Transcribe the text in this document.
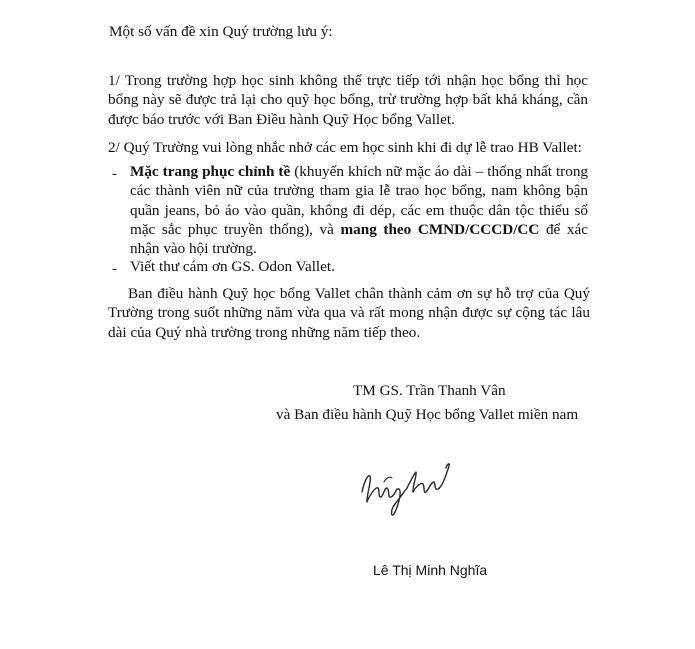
Một số vấn đề xin Quý trường lưu ý:
1/ Trong trường hợp học sinh không thể trực tiếp tới nhận học bổng thì học bổng này sẽ được trả lại cho quỹ học bổng, trừ trường hợp bất khả kháng, cần được báo trước với Ban Điều hành Quỹ Học bổng Vallet.
2/ Quý Trường vui lòng nhắc nhở các em học sinh khi đi dự lễ trao HB Vallet:
- Mặc trang phục chỉnh tề (khuyến khích nữ mặc áo dài – thống nhất trong các thành viên nữ của trường tham gia lễ trao học bổng, nam không bận quần jeans, bỏ áo vào quần, không đi dép, các em thuộc dân tộc thiểu số mặc sắc phục truyền thống), và mang theo CMND/CCCD/CC để xác nhận vào hội trường.
- Viết thư cám ơn GS. Odon Vallet.
Ban điều hành Quỹ học bổng Vallet chân thành cảm ơn sự hỗ trợ của Quý Trường trong suốt những năm vừa qua và rất mong nhận được sự cộng tác lâu dài của Quý nhà trường trong những năm tiếp theo.
TM GS. Trần Thanh Vân
và Ban điều hành Quỹ Học bổng Vallet miền nam
Lê Thị Minh Nghĩa
